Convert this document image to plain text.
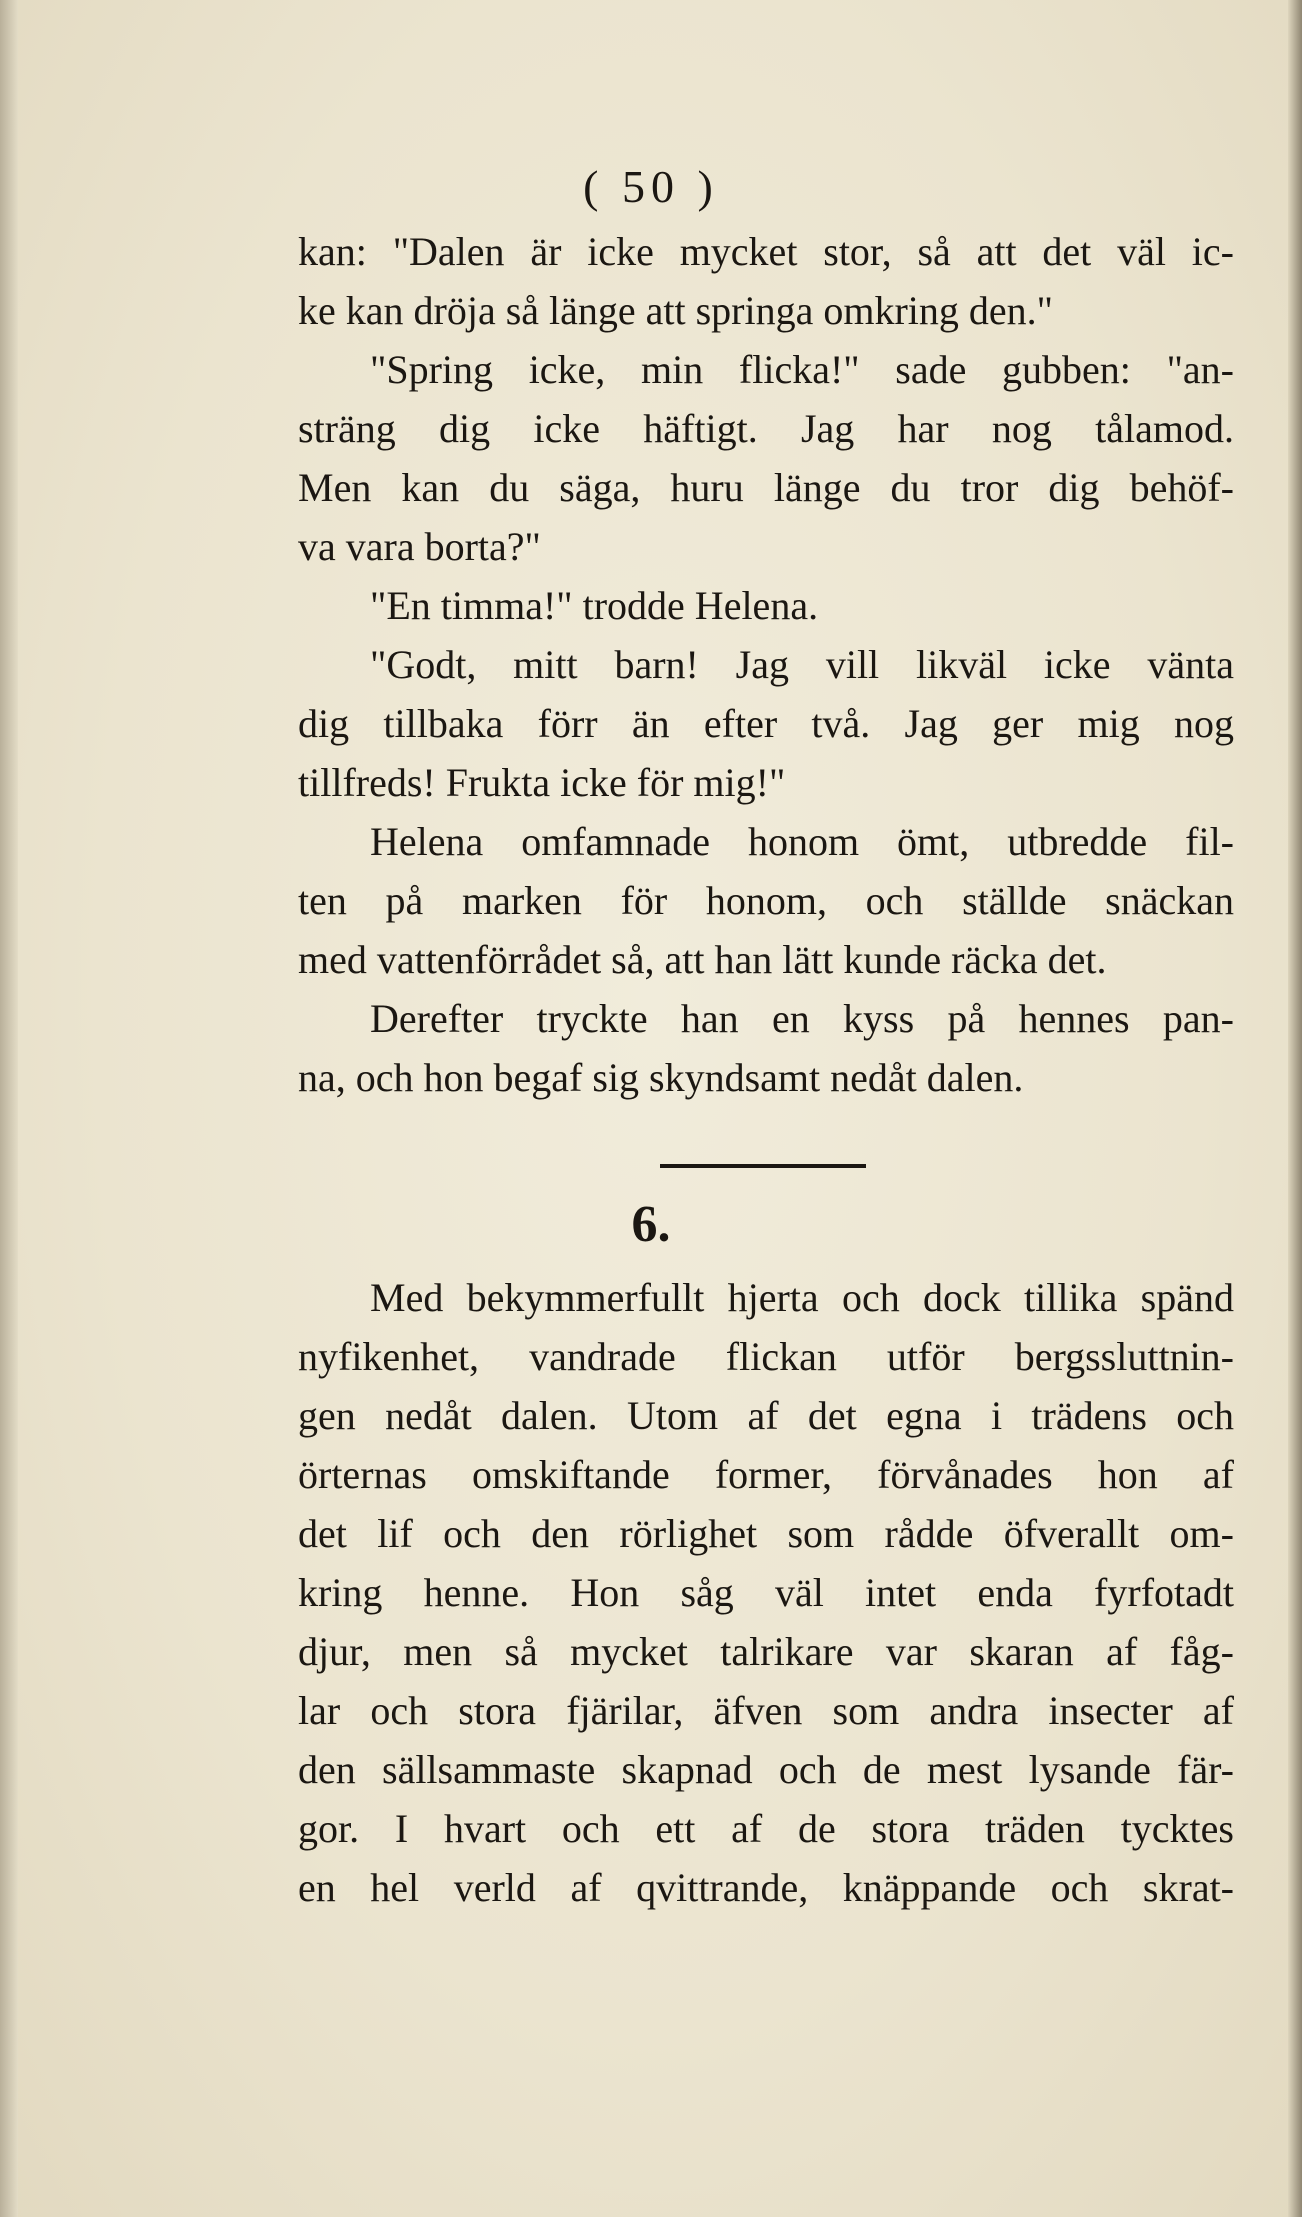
( 50 )
kan: "Dalen är icke mycket stor, så att det väl ic-
ke kan dröja så länge att springa omkring den."
"Spring icke, min flicka!" sade gubben: "an-
sträng dig icke häftigt. Jag har nog tålamod.
Men kan du säga, huru länge du tror dig behöf-
va vara borta?"
"En timma!" trodde Helena.
"Godt, mitt barn! Jag vill likväl icke vänta
dig tillbaka förr än efter två. Jag ger mig nog
tillfreds! Frukta icke för mig!"
Helena omfamnade honom ömt, utbredde fil-
ten på marken för honom, och ställde snäckan
med vattenförrådet så, att han lätt kunde räcka det.
Derefter tryckte han en kyss på hennes pan-
na, och hon begaf sig skyndsamt nedåt dalen.
6.
Med bekymmerfullt hjerta och dock tillika spänd
nyfikenhet, vandrade flickan utför bergssluttnin-
gen nedåt dalen. Utom af det egna i trädens och
örternas omskiftande former, förvånades hon af
det lif och den rörlighet som rådde öfverallt om-
kring henne. Hon såg väl intet enda fyrfotadt
djur, men så mycket talrikare var skaran af fåg-
lar och stora fjärilar, äfven som andra insecter af
den sällsammaste skapnad och de mest lysande fär-
gor. I hvart och ett af de stora träden tycktes
en hel verld af qvittrande, knäppande och skrat-
